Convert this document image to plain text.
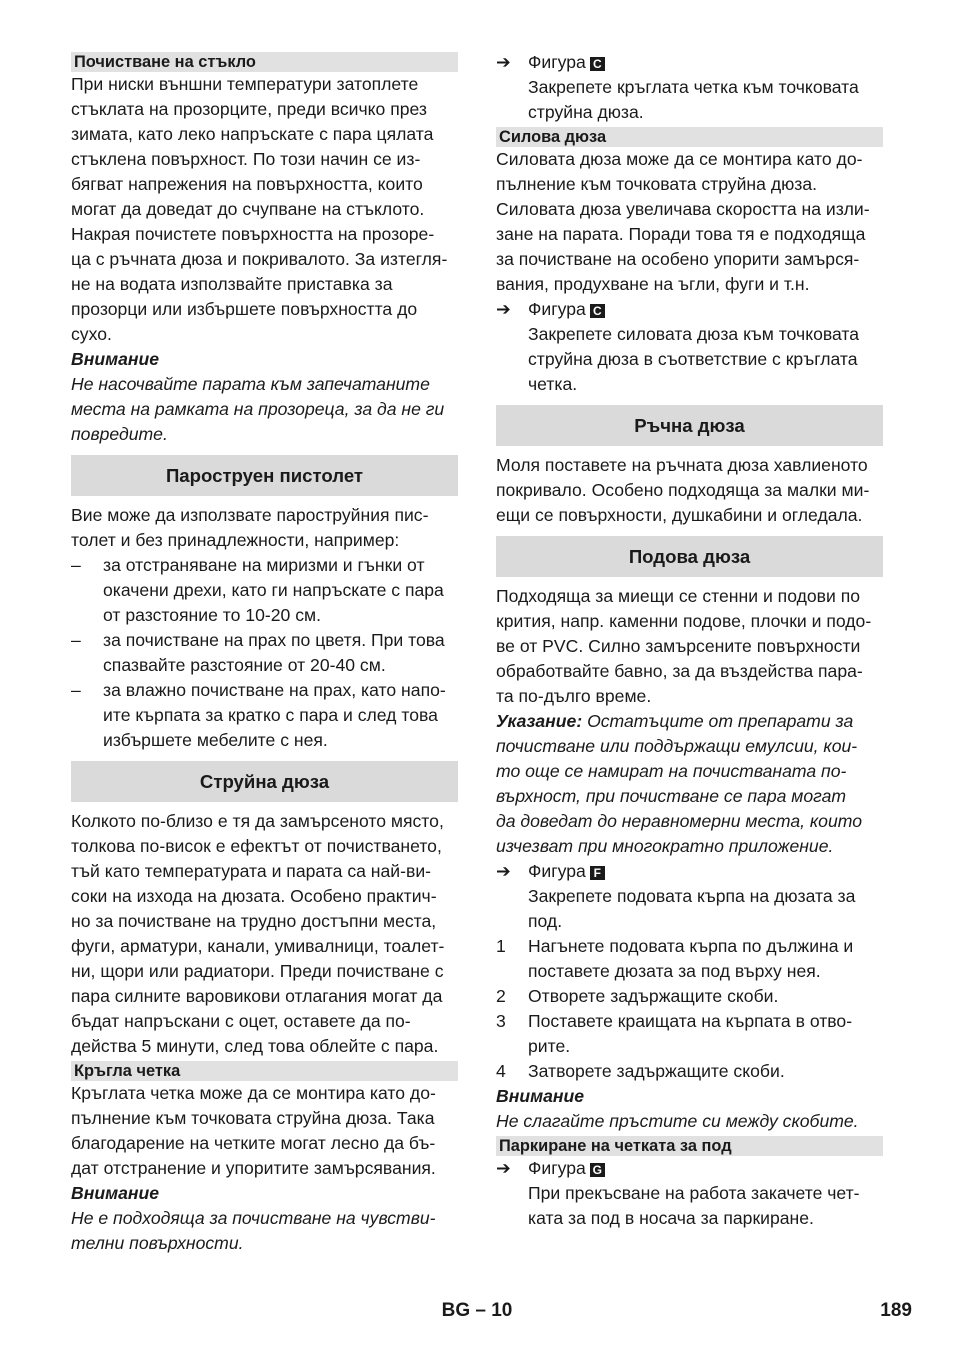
Почистване на стъкло

При ниски външни температури затоплете

стъклата на прозорците, преди всичко през

зимата, като леко напръскате с пара цялата

стъклена повърхност. По този начин се из-

бягват напрежения на повърхността, които

могат да доведат до счупване на стъклото.

Накрая почистете повърхността на прозоре-

ца с ръчната дюза и покривалото. За изтегля-

не на водата използвайте приставка за

прозорци или избършете повърхността до

сухо.

Внимание

Не насочвайте парата към запечатаните

места на рамката на прозореца, за да не ги

повредите.

Пароструен пистолет

Вие може да използвате пароструйния пис-

толет и без принадлежности, например:

–	за отстраняване на миризми и гънки от

окачени дрехи, като ги напръскате с пара

от разстояние то 10-20 см.

–	за почистване на прах по цветя. При това

спазвайте разстояние от 20-40 см.

–	за влажно почистване на прах, като напо-

ите кърпата за кратко с пара и след това

избършете мебелите с нея.

Струйна дюза

Колкото по-близо е тя да замърсеното място,

толкова по-висок е ефектът от почистването,

тъй като температурата и парата са най-ви-

соки на изхода на дюзата. Особено практич-

но за почистване на трудно достъпни места,

фуги, арматури, канали, умивалници, тоалет-

ни, щори или радиатори. Преди почистване с

пара силните варовикови отлагания могат да

бъдат напръскани с оцет, оставете да по-

действа 5 минути, след това облейте с пара.

Кръгла четка

Кръглата четка може да се монтира като до-

пълнение към точковата струйна дюза. Така

благодарение на четките могат лесно да бъ-

дат отстранение и упоритите замърсявания.

Внимание

Не е подходяща за почистване на чувстви-

телни повърхности.

➔ Фигура C

Закрепете кръглата четка към точковата

струйна дюза.

Силова дюза

Силовата дюза може да се монтира като до-

пълнение към точковата струйна дюза.

Силовата дюза увеличава скоростта на изли-

зане на парата. Поради това тя е подходяща

за почистване на особено упорити замърся-

вания, продухване на ъгли, фуги и т.н.

➔ Фигура C

Закрепете силовата дюза към точковата

струйна дюза в съответствие с кръглата

четка.

Ръчна дюза

Моля поставете на ръчната дюза хавлиеното

покривало. Особено подходяща за малки ми-

ещи се повърхности, душкабини и огледала.

Подова дюза

Подходяща за миещи се стенни и подови по

крития, напр. каменни подове, плочки и подо-

ве от PVC. Силно замърсените повърхности

обработвайте бавно, за да въздейства пара-

та по-дълго време.

Указание: Остатъците от препарати за

почистване или поддържащи емулсии, кои-

то още се намират на почистваната по-

върхност, при почистване се пара могат

да доведат до неравномерни места, които

изчезват при многократно приложение.

➔ Фигура F

Закрепете подовата кърпа на дюзата за

под.

1	Нагънете подовата кърпа по дължина и

поставете дюзата за под върху нея.

2	Отворете задържащите скоби.

3	Поставете краищата на кърпата в отво-

рите.

4	Затворете задържащите скоби.

Внимание

Не слагайте пръстите си между скобите.

Паркиране на четката за под
➔ Фигура G

При прекъсване на работа закачете чет-

ката за под в носача за паркиране.

BG – 10	189
